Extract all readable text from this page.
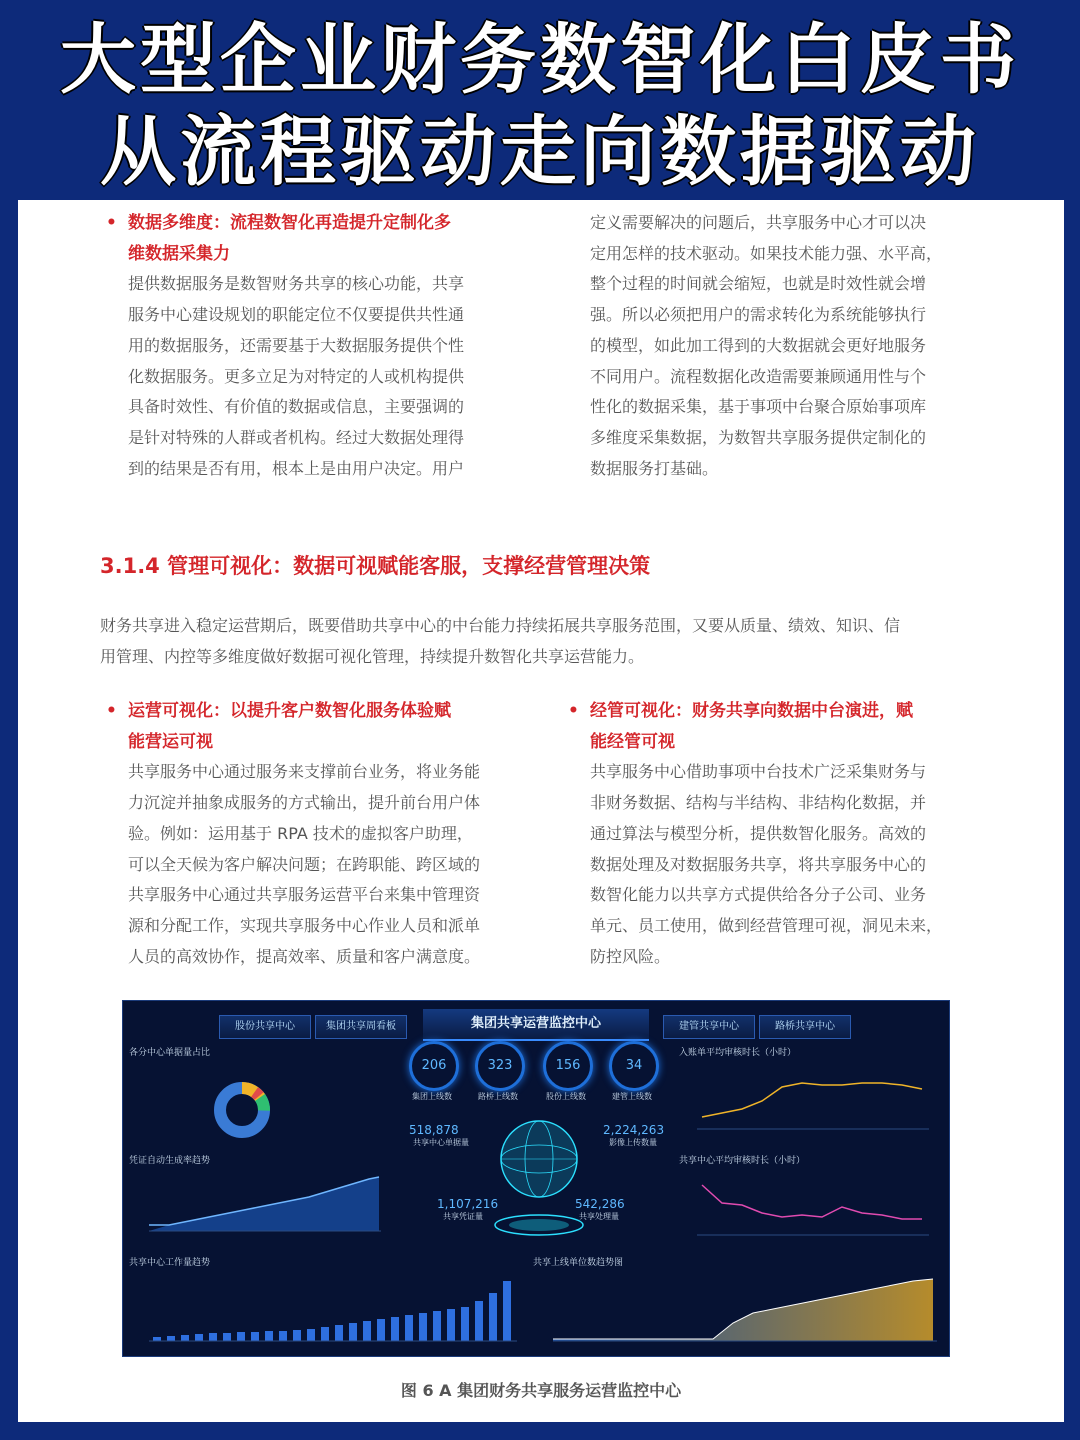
大型企业财务数智化白皮书
从流程驱动走向数据驱动
• 数据多维度：流程数智化再造提升定制化多
维数据采集力
提供数据服务是数智财务共享的核心功能，共享
服务中心建设规划的职能定位不仅要提供共性通
用的数据服务，还需要基于大数据服务提供个性
化数据服务。更多立足为对特定的人或机构提供
具备时效性、有价值的数据或信息，主要强调的
是针对特殊的人群或者机构。经过大数据处理得
到的结果是否有用，根本上是由用户决定。用户
定义需要解决的问题后，共享服务中心才可以决
定用怎样的技术驱动。如果技术能力强、水平高，
整个过程的时间就会缩短，也就是时效性就会增
强。所以必须把用户的需求转化为系统能够执行
的模型，如此加工得到的大数据就会更好地服务
不同用户。流程数据化改造需要兼顾通用性与个
性化的数据采集，基于事项中台聚合原始事项库
多维度采集数据，为数智共享服务提供定制化的
数据服务打基础。
3.1.4 管理可视化：数据可视赋能客服，支撑经营管理决策
财务共享进入稳定运营期后，既要借助共享中心的中台能力持续拓展共享服务范围，又要从质量、绩效、知识、信
用管理、内控等多维度做好数据可视化管理，持续提升数智化共享运营能力。
• 运营可视化：以提升客户数智化服务体验赋
能营运可视
共享服务中心通过服务来支撑前台业务，将业务能
力沉淀并抽象成服务的方式输出，提升前台用户体
验。例如：运用基于 RPA 技术的虚拟客户助理，
可以全天候为客户解决问题；在跨职能、跨区域的
共享服务中心通过共享服务运营平台来集中管理资
源和分配工作，实现共享服务中心作业人员和派单
人员的高效协作，提高效率、质量和客户满意度。
• 经管可视化：财务共享向数据中台演进，赋
能经管可视
共享服务中心借助事项中台技术广泛采集财务与
非财务数据、结构与半结构、非结构化数据，并
通过算法与模型分析，提供数智化服务。高效的
数据处理及对数据服务共享，将共享服务中心的
数智化能力以共享方式提供给各分子公司、业务
单元、员工使用，做到经营管理可视，洞见未来，
防控风险。
股份共享中心	集团共享周看板	集团共享运营监控中心	建管共享中心	路桥共享中心
各分中心单据量占比
凭证自动生成率趋势
入账单平均审核时长（小时）
共享中心平均审核时长（小时）
共享中心工作量趋势	共享上线单位数趋势图
206
集团上线数
323
路桥上线数
156
股份上线数
34
建管上线数
518,878
共享中心单据量
2,224,263
影像上传数量
1,107,216
共享凭证量
542,286
共享处理量
图 6 A 集团财务共享服务运营监控中心
